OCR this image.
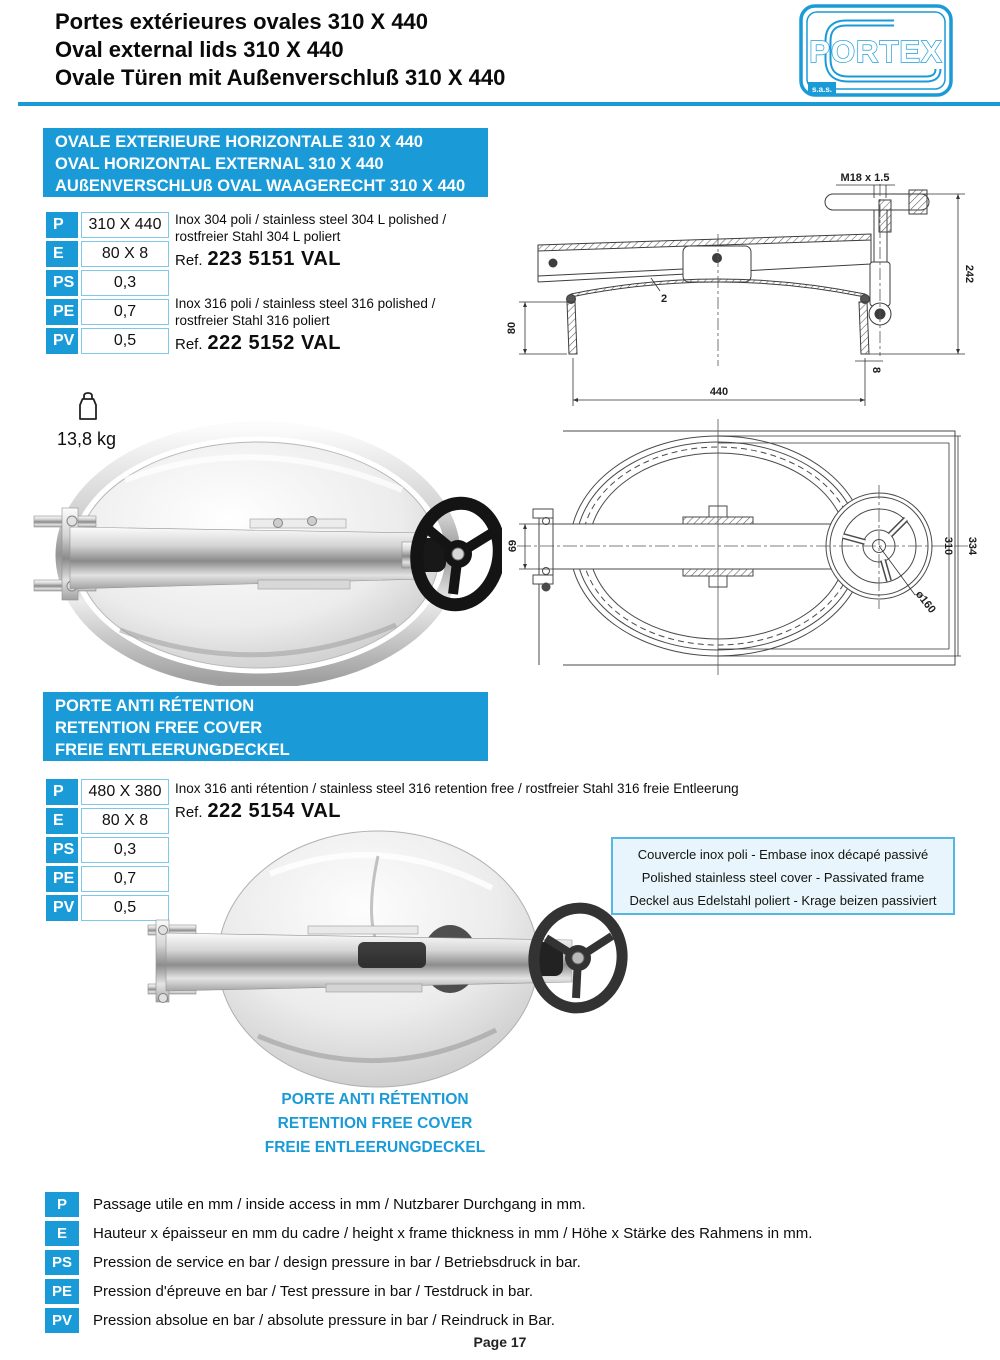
Portes extérieures ovales 310 X 440
Oval external lids 310 X 440
Ovale Türen mit Außenverschluß 310 X 440
PORTEX
s.a.s.
OVALE EXTERIEURE HORIZONTALE 310 X 440
OVAL HORIZONTAL EXTERNAL 310 X 440
AUßENVERSCHLUß OVAL WAAGERECHT 310 X 440
P	310 X 440
E	80 X 8
PS	0,3
PE	0,7
PV	0,5
Inox 304 poli / stainless steel 304 L polished /
rostfreier Stahl 304 L poliert
Ref. 223 5151 VAL
Inox 316 poli / stainless steel 316 polished /
rostfreier Stahl 316 poliert
Ref. 222 5152 VAL
13,8 kg
M18 x 1.5
242
80
2
8
440
69	334
310
ø160
PORTE ANTI RÉTENTION
RETENTION FREE COVER
FREIE ENTLEERUNGDECKEL
P	480 X 380
E	80 X 8
PS	0,3
PE	0,7
PV	0,5
Inox 316 anti rétention / stainless steel 316 retention free / rostfreier Stahl 316 freie Entleerung
Ref. 222 5154 VAL
Couvercle inox poli - Embase inox décapé passivé
Polished stainless steel cover - Passivated frame
Deckel aus Edelstahl poliert - Krage beizen passiviert
PORTE ANTI RÉTENTION
RETENTION FREE COVER
FREIE ENTLEERUNGDECKEL
P	Passage utile en mm / inside access in mm / Nutzbarer Durchgang in mm.
E	Hauteur x épaisseur en mm du cadre / height x frame thickness in mm / Höhe x Stärke des Rahmens in mm.
PS	Pression de service en bar / design pressure in bar / Betriebsdruck in bar.
PE	Pression d'épreuve en bar / Test pressure in bar / Testdruck in bar.
PV	Pression absolue en bar / absolute pressure in bar / Reindruck in Bar.
Page 17
